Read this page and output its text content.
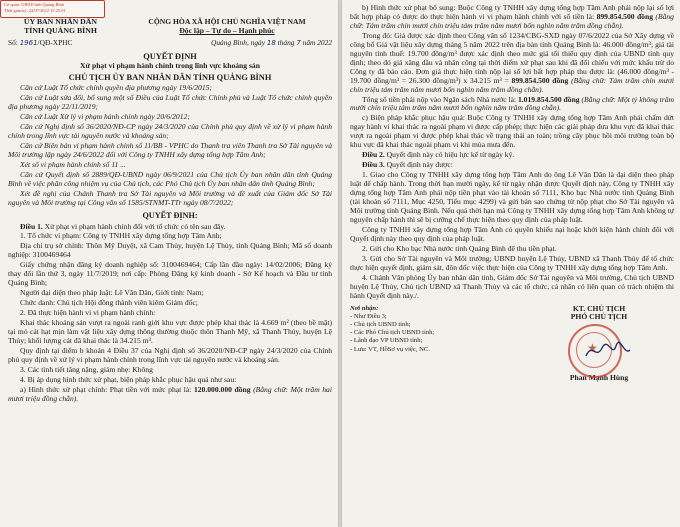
Cơ quan: UBND tỉnh Quảng Bình
Thời gian ký: 22/07/2022 15:25:01
ỦY BAN NHÂN DÂN
TỈNH QUẢNG BÌNH
CỘNG HÒA XÃ HỘI CHỦ NGHĨA VIỆT NAM
Độc lập – Tự do – Hạnh phúc
Số: 1961/QĐ-XPHC	Quảng Bình, ngày 18 tháng 7 năm 2022
QUYẾT ĐỊNH
Xử phạt vi phạm hành chính trong lĩnh vực khoáng sản
CHỦ TỊCH ỦY BAN NHÂN DÂN TỈNH QUẢNG BÌNH

Căn cứ Luật Tổ chức chính quyền địa phương ngày 19/6/2015;

Căn cứ Luật sửa đổi, bổ sung một số Điều của Luật Tổ chức Chính phủ và Luật Tổ chức chính quyền địa phương ngày 22/11/2019;

Căn cứ Luật Xử lý vi phạm hành chính ngày 20/6/2012;

Căn cứ Nghị định số 36/2020/NĐ-CP ngày 24/3/2020 của Chính phủ quy định về xử lý vi phạm hành chính trong lĩnh vực tài nguyên nước và khoáng sản;

Căn cứ Biên bản vi phạm hành chính số 11/BB - VPHC do Thanh tra viên Thanh tra Sở Tài nguyên và Môi trường lập ngày 24/6/2022 đối với Công ty TNHH xây dựng tổng hợp Tâm Anh;

Xét số vi phạm hành chính số 11 ...

Căn cứ Quyết định số 2889/QĐ-UBND ngày 06/9/2021 của Chủ tịch Ủy ban nhân dân tỉnh Quảng Bình về việc phân công nhiệm vụ của Chủ tịch, các Phó Chủ tịch Ủy ban nhân dân tỉnh Quảng Bình;

Xét đề nghị của Chánh Thanh tra Sở Tài nguyên và Môi trường và đề xuất của Giám đốc Sở Tài nguyên và Môi trường tại Công văn số 1585/STNMT-TTr ngày 08/7/2022;

QUYẾT ĐỊNH:

Điều 1. Xử phạt vi phạm hành chính đối với tổ chức có tên sau đây.

1. Tổ chức vi phạm: Công ty TNHH xây dựng tổng hợp Tâm Anh;

Địa chỉ trụ sở chính: Thôn Mỹ Duyệt, xã Cam Thủy, huyện Lệ Thủy, tỉnh Quảng Bình; Mã số doanh nghiệp: 3100469464

Giấy chứng nhận đăng ký doanh nghiệp số: 3100469464; Cấp lần đầu ngày: 14/02/2006; Đăng ký thay đổi lần thứ 3, ngày 11/7/2019; nơi cấp: Phòng Đăng ký kinh doanh - Sở Kế hoạch và Đầu tư tỉnh Quảng Bình;

Người đại diện theo pháp luật: Lê Văn Dân, Giới tính: Nam;

Chức danh: Chủ tịch Hội đồng thành viên kiêm Giám đốc;

2. Đã thực hiện hành vi vi phạm hành chính:

Khai thác khoáng sản vượt ra ngoài ranh giới khu vực được phép khai thác là 4.669 m² (theo bề mặt) tại mỏ cát hạt mịn làm vật liệu xây dựng thông thường thuộc thôn Thanh Mỹ, xã Thanh Thủy, huyện Lệ Thủy; khối lượng cát đã khai thác là 34.215 m³.

Quy định tại điểm b khoản 4 Điều 37 của Nghị định số 36/2020/NĐ-CP ngày 24/3/2020 của Chính phủ quy định về xử lý vi phạm hành chính trong lĩnh vực tài nguyên nước và khoáng sản.

3. Các tình tiết tăng nặng, giảm nhẹ: Không

4. Bị áp dụng hình thức xử phạt, biện pháp khắc phục hậu quả như sau:

a) Hình thức xử phạt chính: Phạt tiền với mức phạt là: 120.000.000 đồng (Bằng chữ: Một trăm hai mươi triệu đồng chẵn).

b) Hình thức xử phạt bổ sung: Buộc Công ty TNHH xây dựng tổng hợp Tâm Anh phải nộp lại số lợi bất hợp pháp có được do thực hiện hành vi vi phạm hành chính với số tiền là: 899.854.500 đồng (Bằng chữ: Tám trăm chín mươi chín triệu tám trăm năm mươi bốn nghìn năm trăm đồng chẵn).

Trong đó: Giá được xác định theo Công văn số 1234/CBG-SXD ngày 07/6/2022 của Sở Xây dựng về công bố Giá vật liệu xây dựng tháng 5 năm 2022 trên địa bàn tỉnh Quảng Bình là: 46.000 đồng/m³; giá tài nguyên tính thuế: 19.700 đồng/m³ được xác định theo mức giá tối thiểu quy định của UBND tỉnh quy định; theo đó giá xăng dầu và nhân công tại thời điểm xử phạt sau khi đã đối chiếu với mức khấu trừ do Công ty đã báo cáo. Đơn giá thực hiện tính nộp lại số lợi bất hợp pháp thu được là: (46.000 đồng/m³ - 19.700 đồng/m³ = 26.300 đồng/m³) x 34.215 m³ = 899.854.500 đồng (Bằng chữ: Tám trăm chín mươi chín triệu tám trăm năm mươi bốn nghìn năm trăm đồng chẵn).

Tổng số tiền phải nộp vào Ngân sách Nhà nước là: 1.019.854.500 đồng (Bằng chữ: Một tỷ không trăm mười chín triệu tám trăm năm mươi bốn nghìn năm trăm đồng chẵn).

c) Biện pháp khắc phục hậu quả: Buộc Công ty TNHH xây dựng tổng hợp Tâm Anh phải chấm dứt ngay hành vi khai thác ra ngoài phạm vi được cấp phép; thực hiện các giải pháp đưa khu vực đã khai thác vượt ra ngoài phạm vi được phép khai thác về trạng thái an toàn; trồng cây phục hồi môi trường toàn bộ khu vực đã khai thác ngoài phạm vi khi mùa mưa đến.

Điều 2. Quyết định này có hiệu lực kể từ ngày ký.

Điều 3. Quyết định này được:

1. Giao cho Công ty TNHH xây dựng tổng hợp Tâm Anh do ông Lê Văn Dân là đại diện theo pháp luật để chấp hành. Trong thời hạn mười ngày, kể từ ngày nhận được Quyết định này, Công ty TNHH xây dựng tổng hợp Tâm Anh phải nộp tiền phạt vào tài khoản số 7111, Kho bạc Nhà nước tỉnh Quảng Bình (tài khoản số 7111, Mục 4250, Tiểu mục 4299) và gửi bản sao chứng từ nộp phạt cho Sở Tài nguyên và Môi trường tỉnh Quảng Bình. Nếu quá thời hạn mà Công ty TNHH xây dựng tổng hợp Tâm Anh không tự nguyện chấp hành thì sẽ bị cưỡng chế thực hiện theo quy định của pháp luật.

Công ty TNHH xây dựng tổng hợp Tâm Anh có quyền khiếu nại hoặc khởi kiện hành chính đối với Quyết định này theo quy định của pháp luật.

2. Gửi cho Kho bạc Nhà nước tỉnh Quảng Bình để thu tiền phạt.

3. Gửi cho Sở Tài nguyên và Môi trường; UBND huyện Lệ Thủy, UBND xã Thanh Thủy để tổ chức thực hiện quyết định, giám sát, đôn đốc việc thực hiện của Công ty TNHH xây dựng tổng hợp Tâm Anh.

4. Chánh Văn phòng Ủy ban nhân dân tỉnh, Giám đốc Sở Tài nguyên và Môi trường, Chủ tịch UBND huyện Lệ Thủy, Chủ tịch UBND xã Thanh Thủy và các tổ chức, cá nhân có liên quan có trách nhiệm thi hành Quyết định này./.

Nơi nhận:
- Như Điều 3;
- Chủ tịch UBND tỉnh;
- Các Phó Chủ tịch UBND tỉnh;
- Lãnh đạo VP UBND tỉnh;
- Lưu: VT, HồSơ vụ việc, NC.
KT. CHỦ TỊCH
PHÓ CHỦ TỊCH
★
Phan Mạnh Hùng
